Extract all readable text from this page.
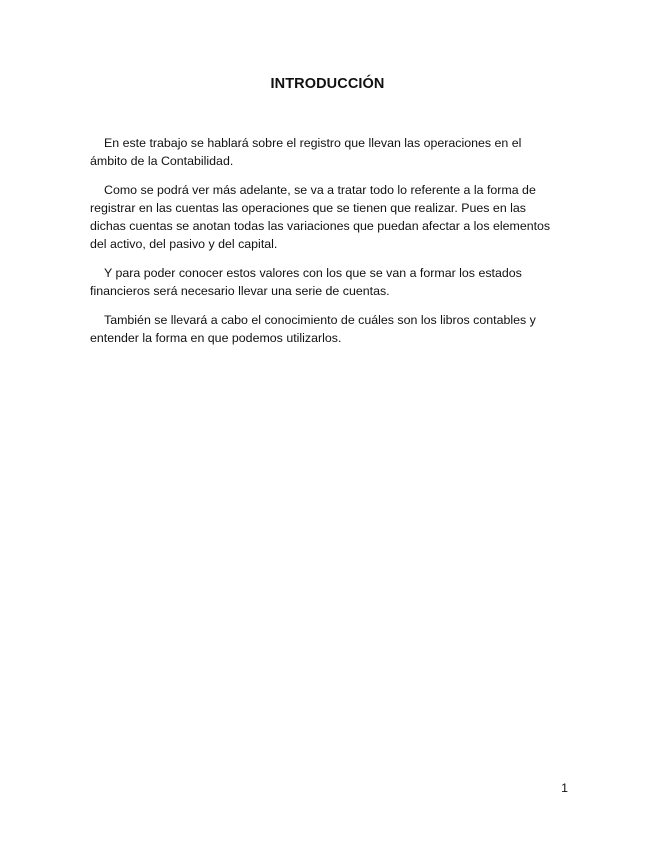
INTRODUCCIÓN

En este trabajo se hablará sobre el registro que llevan las operaciones en el ámbito de la Contabilidad.

Como se podrá ver más adelante, se va a tratar todo lo referente a la forma de registrar en las cuentas las operaciones que se tienen que realizar. Pues en las dichas cuentas se anotan todas las variaciones que puedan afectar a los elementos del activo, del pasivo y del capital.

Y para poder conocer estos valores con los que se van a formar los estados financieros será necesario llevar una serie de cuentas.

También se llevará a cabo el conocimiento de cuáles son los libros contables y entender la forma en que podemos utilizarlos.

1
